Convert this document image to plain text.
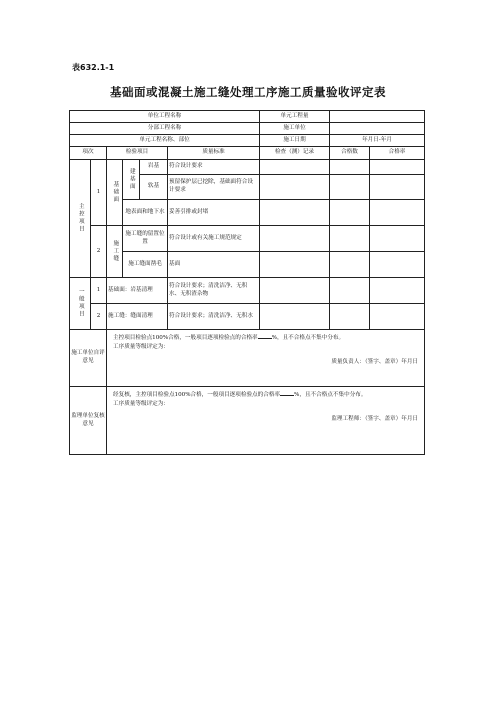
表632.1-1
基础面或混凝土施工缝处理工序施工质量验收评定表
单位工程名称						单元工程量		
分部工程名称						施工单位		
单元工程名称、部位						施工日期	年月日-年月	
项次		检验项目			质量标准	检查（测）记录	合格数	合格率

主控项目	1	基础面	建基面	岩基	符合设计要求			
				软基	预留保护层已挖除，基础面符合设计要求			
			地表面和地下水		妥善引排或封堵			
	2	施工缝	施工缝的留置位置		符合设计或有关施工规范规定			
			施工缝面凿毛		基面			

一般项目	1	基础面：岩基清理			符合设计要求；清洗洁净、无积水、无积渣杂物			
	2	施工缝：缝面清理			符合设计要求；清洗洁净、无积水			
施工单位自评意见		主控项目检验点100%合格，一般项目逐项检验点的合格率 %，且不合格点不集中分布。
工序质量等级评定为：
质量负责人：（签字、盖章）年月日						

监理单位复核意见		经复核，主控项目检验点100%合格，一般项目逐项检验点的合格率 %，且不合格点不集中分布。
工序质量等级评定为：
监理工程师：（签字、盖章）年月日						
